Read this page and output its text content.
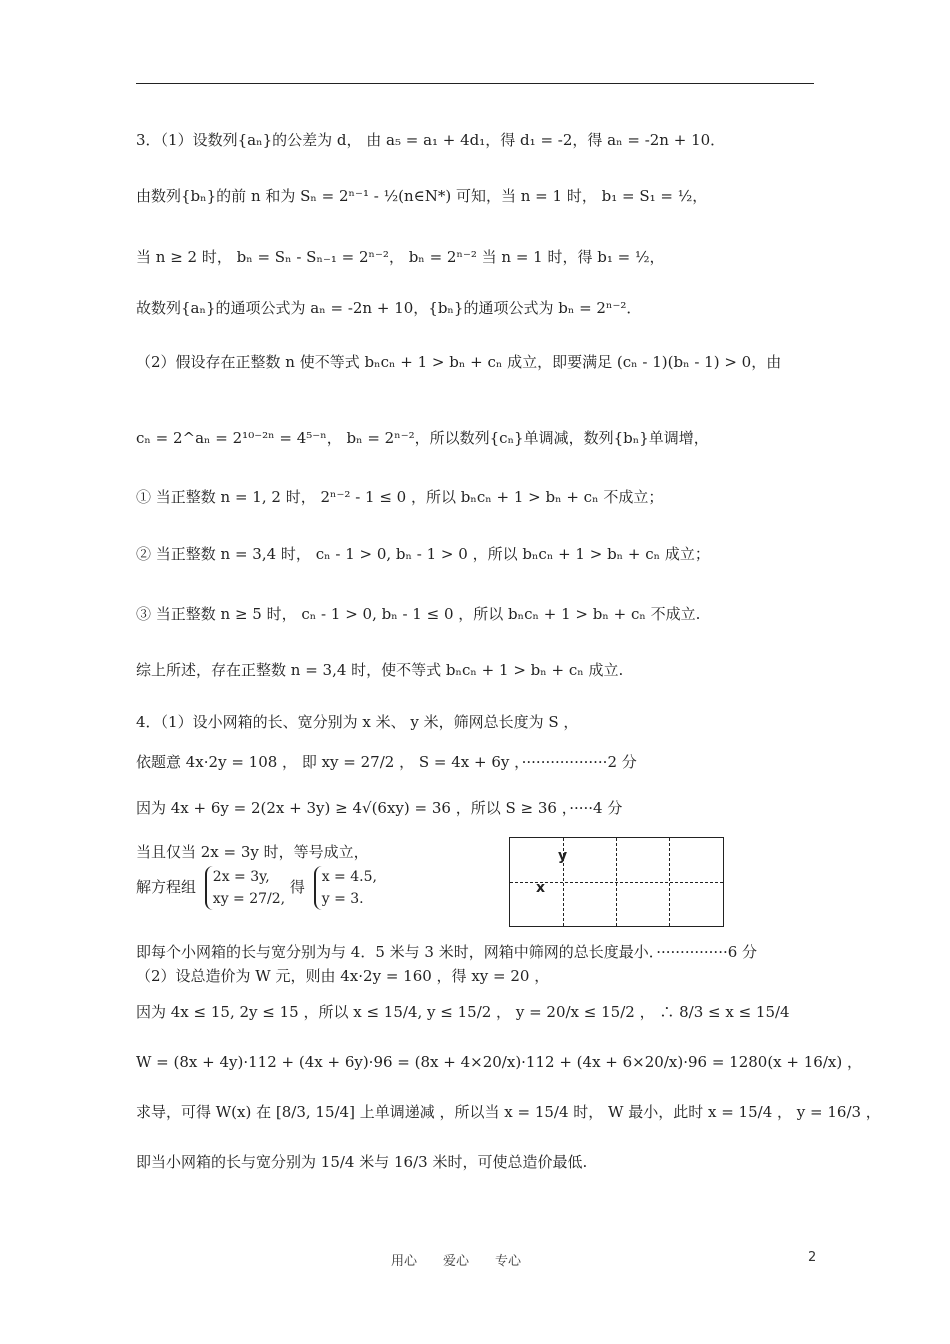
3．（1）设数列{aₙ}的公差为 d， 由 a₅ = a₁ + 4d₁，得 d₁ = -2，得 aₙ = -2n + 10．
由数列{bₙ}的前 n 和为 Sₙ = 2ⁿ⁻¹ - ½(n∈N*) 可知，当 n = 1 时， b₁ = S₁ = ½，
当 n ≥ 2 时， bₙ = Sₙ - Sₙ₋₁ = 2ⁿ⁻²， bₙ = 2ⁿ⁻² 当 n = 1 时，得 b₁ = ½，
故数列{aₙ}的通项公式为 aₙ = -2n + 10，{bₙ}的通项公式为 bₙ = 2ⁿ⁻²．
（2）假设存在正整数 n 使不等式 bₙcₙ + 1 > bₙ + cₙ 成立，即要满足 (cₙ - 1)(bₙ - 1) > 0，由
cₙ = 2^aₙ = 2¹⁰⁻²ⁿ = 4⁵⁻ⁿ， bₙ = 2ⁿ⁻²，所以数列{cₙ}单调减，数列{bₙ}单调增，
① 当正整数 n = 1, 2 时， 2ⁿ⁻² - 1 ≤ 0 ，所以 bₙcₙ + 1 > bₙ + cₙ 不成立；
② 当正整数 n = 3,4 时， cₙ - 1 > 0, bₙ - 1 > 0 ，所以 bₙcₙ + 1 > bₙ + cₙ 成立；
③ 当正整数 n ≥ 5 时， cₙ - 1 > 0, bₙ - 1 ≤ 0 ，所以 bₙcₙ + 1 > bₙ + cₙ 不成立.
综上所述，存在正整数 n = 3,4 时，使不等式 bₙcₙ + 1 > bₙ + cₙ 成立.
4．（1）设小网箱的长、宽分别为 x 米、 y 米，筛网总长度为 S ，
依题意 4x·2y = 108 ， 即 xy = 27/2 ， S = 4x + 6y ，··················2 分
因为 4x + 6y = 2(2x + 3y) ≥ 4√(6xy) = 36 ，所以 S ≥ 36 ，·····4 分
当且仅当 2x = 3y 时，等号成立，
解方程组 2x = 3y,
xy = 27/2, 得 x = 4.5,
y = 3.
y
x
即每个小网箱的长与宽分别为与 4．5 米与 3 米时，网箱中筛网的总长度最小．···············6 分
（2）设总造价为 W 元，则由 4x·2y = 160 ，得 xy = 20 ，
因为 4x ≤ 15, 2y ≤ 15 ，所以 x ≤ 15/4, y ≤ 15/2 ， y = 20/x ≤ 15/2 ， ∴ 8/3 ≤ x ≤ 15/4
W = (8x + 4y)·112 + (4x + 6y)·96 = (8x + 4×20/x)·112 + (4x + 6×20/x)·96 = 1280(x + 16/x) ，
求导，可得 W(x) 在 [8/3, 15/4] 上单调递减 ，所以当 x = 15/4 时， W 最小，此时 x = 15/4 ， y = 16/3 ，
即当小网箱的长与宽分别为 15/4 米与 16/3 米时，可使总造价最低.
用心　　爱心　　专心	2
